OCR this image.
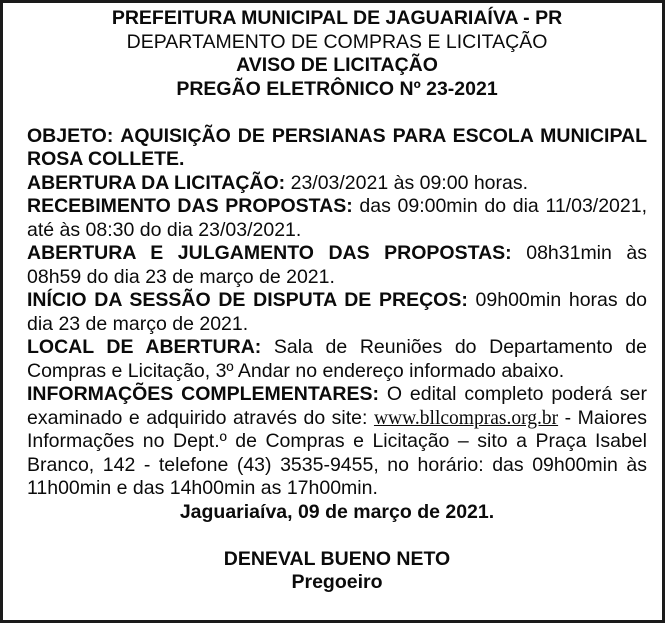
PREFEITURA MUNICIPAL DE JAGUARIAÍVA - PR
DEPARTAMENTO DE COMPRAS E LICITAÇÃO
AVISO DE LICITAÇÃO
PREGÃO ELETRÔNICO Nº 23-2021

OBJETO: AQUISIÇÃO DE PERSIANAS PARA ESCOLA MUNICIPAL ROSA COLLETE.

ABERTURA DA LICITAÇÃO: 23/03/2021 às 09:00 horas.

RECEBIMENTO DAS PROPOSTAS: das 09:00min do dia 11/03/2021, até às 08:30 do dia 23/03/2021.

ABERTURA E JULGAMENTO DAS PROPOSTAS: 08h31min às 08h59 do dia 23 de março de 2021.

INÍCIO DA SESSÃO DE DISPUTA DE PREÇOS: 09h00min horas do dia 23 de março de 2021.

LOCAL DE ABERTURA: Sala de Reuniões do Departamento de Compras e Licitação, 3º Andar no endereço informado abaixo.

INFORMAÇÕES COMPLEMENTARES: O edital completo poderá ser examinado e adquirido através do site: www.bllcompras.org.br - Maiores Informações no Dept.º de Compras e Licitação – sito a Praça Isabel Branco, 142 - telefone (43) 3535-9455, no horário: das 09h00min às 11h00min e das 14h00min as 17h00min.

Jaguariaíva, 09 de março de 2021.

DENEVAL BUENO NETO

Pregoeiro
